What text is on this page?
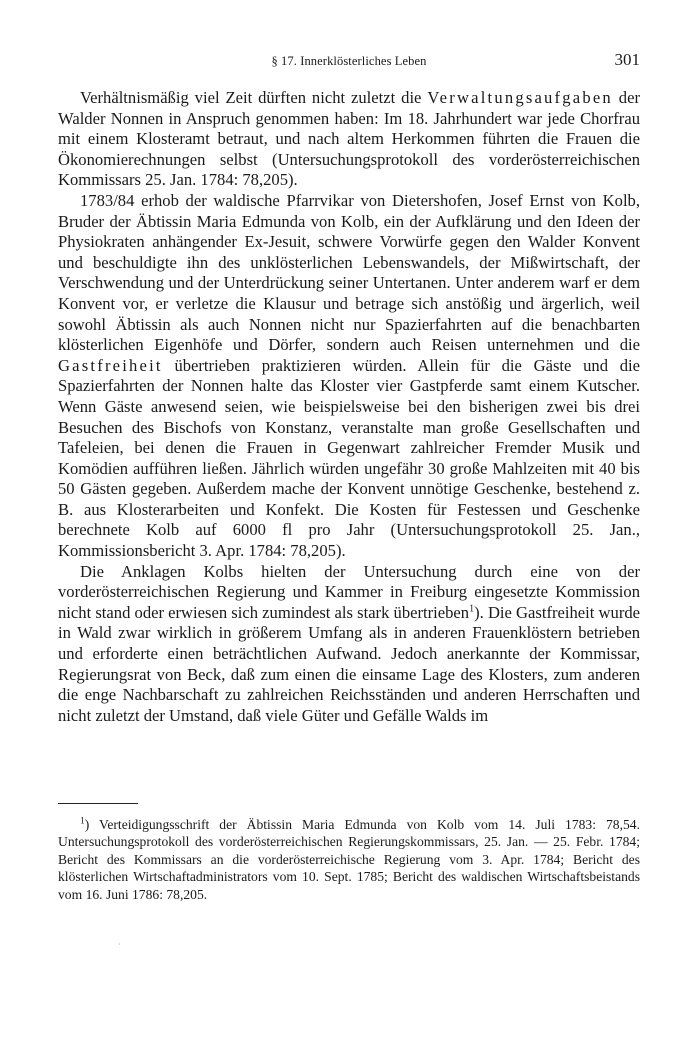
§ 17. Innerklösterliches Leben	301

Verhältnismäßig viel Zeit dürften nicht zuletzt die Verwaltungsaufgaben der Walder Nonnen in Anspruch genommen haben: Im 18. Jahrhundert war jede Chorfrau mit einem Klosteramt betraut, und nach altem Herkommen führten die Frauen die Ökonomierechnungen selbst (Untersuchungsprotokoll des vorderösterreichischen Kommissars 25. Jan. 1784: 78,205).

1783/84 erhob der waldische Pfarrvikar von Dietershofen, Josef Ernst von Kolb, Bruder der Äbtissin Maria Edmunda von Kolb, ein der Aufklärung und den Ideen der Physiokraten anhängender Ex-Jesuit, schwere Vorwürfe gegen den Walder Konvent und beschuldigte ihn des unklösterlichen Lebenswandels, der Mißwirtschaft, der Verschwendung und der Unterdrückung seiner Untertanen. Unter anderem warf er dem Konvent vor, er verletze die Klausur und betrage sich anstößig und ärgerlich, weil sowohl Äbtissin als auch Nonnen nicht nur Spazierfahrten auf die benachbarten klösterlichen Eigenhöfe und Dörfer, sondern auch Reisen unternehmen und die Gastfreiheit übertrieben praktizieren würden. Allein für die Gäste und die Spazierfahrten der Nonnen halte das Kloster vier Gastpferde samt einem Kutscher. Wenn Gäste anwesend seien, wie beispielsweise bei den bisherigen zwei bis drei Besuchen des Bischofs von Konstanz, veranstalte man große Gesellschaften und Tafeleien, bei denen die Frauen in Gegenwart zahlreicher Fremder Musik und Komödien aufführen ließen. Jährlich würden ungefähr 30 große Mahlzeiten mit 40 bis 50 Gästen gegeben. Außerdem mache der Konvent unnötige Geschenke, bestehend z. B. aus Klosterarbeiten und Konfekt. Die Kosten für Festessen und Geschenke berechnete Kolb auf 6000 fl pro Jahr (Untersuchungsprotokoll 25. Jan., Kommissionsbericht 3. Apr. 1784: 78,205).

Die Anklagen Kolbs hielten der Untersuchung durch eine von der vorderösterreichischen Regierung und Kammer in Freiburg eingesetzte Kommission nicht stand oder erwiesen sich zumindest als stark übertrieben$^1$). Die Gastfreiheit wurde in Wald zwar wirklich in größerem Umfang als in anderen Frauenklöstern betrieben und erforderte einen beträchtlichen Aufwand. Jedoch anerkannte der Kommissar, Regierungsrat von Beck, daß zum einen die einsame Lage des Klosters, zum anderen die enge Nachbarschaft zu zahlreichen Reichsständen und anderen Herrschaften und nicht zuletzt der Umstand, daß viele Güter und Gefälle Walds im

$^1$) Verteidigungsschrift der Äbtissin Maria Edmunda von Kolb vom 14. Juli 1783: 78,54. Untersuchungsprotokoll des vorderösterreichischen Regierungskommissars, 25. Jan. — 25. Febr. 1784; Bericht des Kommissars an die vorderösterreichische Regierung vom 3. Apr. 1784; Bericht des klösterlichen Wirtschaftadministrators vom 10. Sept. 1785; Bericht des waldischen Wirtschaftsbeistands vom 16. Juni 1786: 78,205.

·
